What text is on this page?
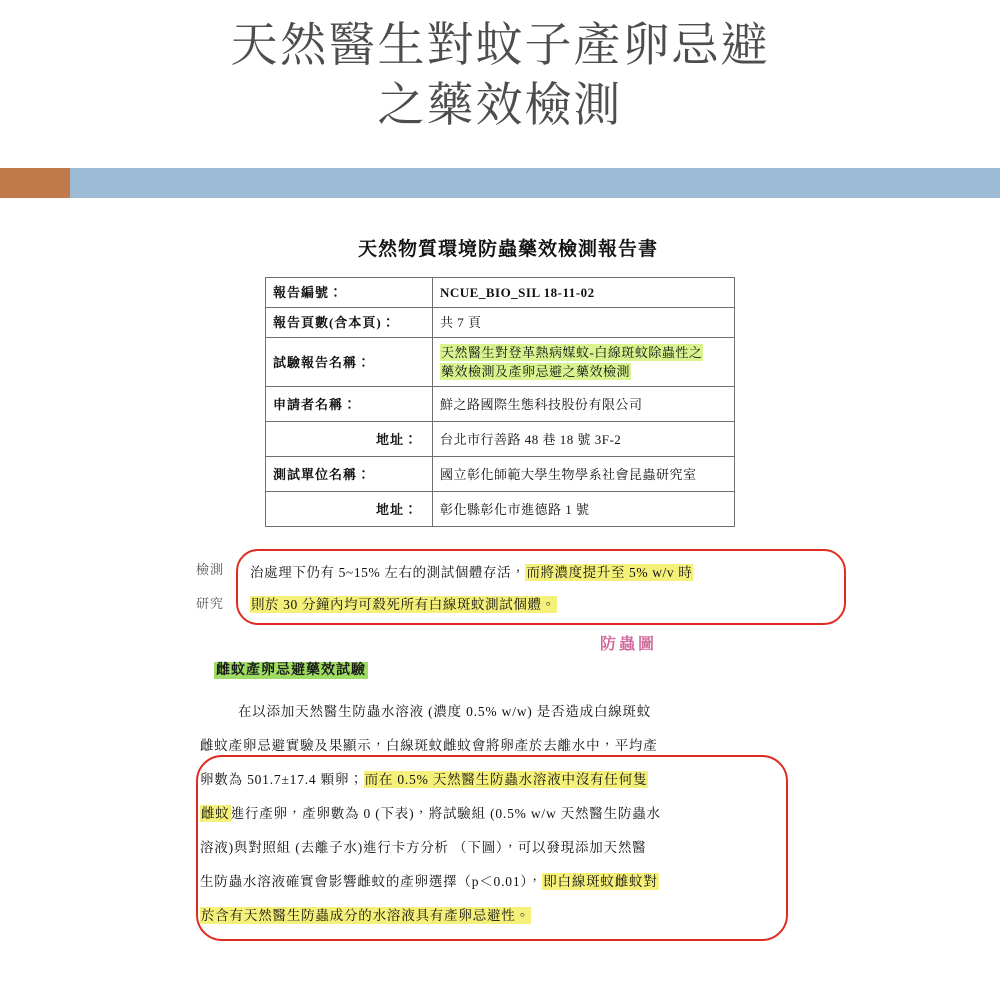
天然醫生對蚊子產卵忌避
之藥效檢測
天然物質環境防蟲藥效檢測報告書
報告編號：	NCUE_BIO_SIL 18-11-02
報告頁數(含本頁)：	共 7 頁
試驗報告名稱：	天然醫生對登革熱病媒蚊-白線斑蚊除蟲性之
藥效檢測及產卵忌避之藥效檢測
申請者名稱：	鮮之路國際生態科技股份有限公司
地址：	台北市行善路 48 巷 18 號 3F-2
測試單位名稱：	國立彰化師範大學生物學系社會昆蟲研究室
地址：	彰化縣彰化市進德路 1 號
檢測
研究
治處理下仍有 5~15% 左右的測試個體存活，而將濃度提升至 5% w/v 時
則於 30 分鐘內均可殺死所有白線斑蚊測試個體。
防蟲圖
雌蚊產卵忌避藥效試驗
在以添加天然醫生防蟲水溶液 (濃度 0.5% w/w) 是否造成白線斑蚊
雌蚊產卵忌避實驗及果顯示，白線斑蚊雌蚊會將卵產於去離水中，平均產
卵數為 501.7±17.4 顆卵；而在 0.5% 天然醫生防蟲水溶液中沒有任何隻
雌蚊進行產卵，產卵數為 0 (下表)，將試驗組 (0.5% w/w 天然醫生防蟲水
溶液)與對照組 (去離子水)進行卡方分析 （下圖），可以發現添加天然醫
生防蟲水溶液確實會影響雌蚊的產卵選擇（p＜0.01），即白線斑蚊雌蚊對
於含有天然醫生防蟲成分的水溶液具有產卵忌避性。
